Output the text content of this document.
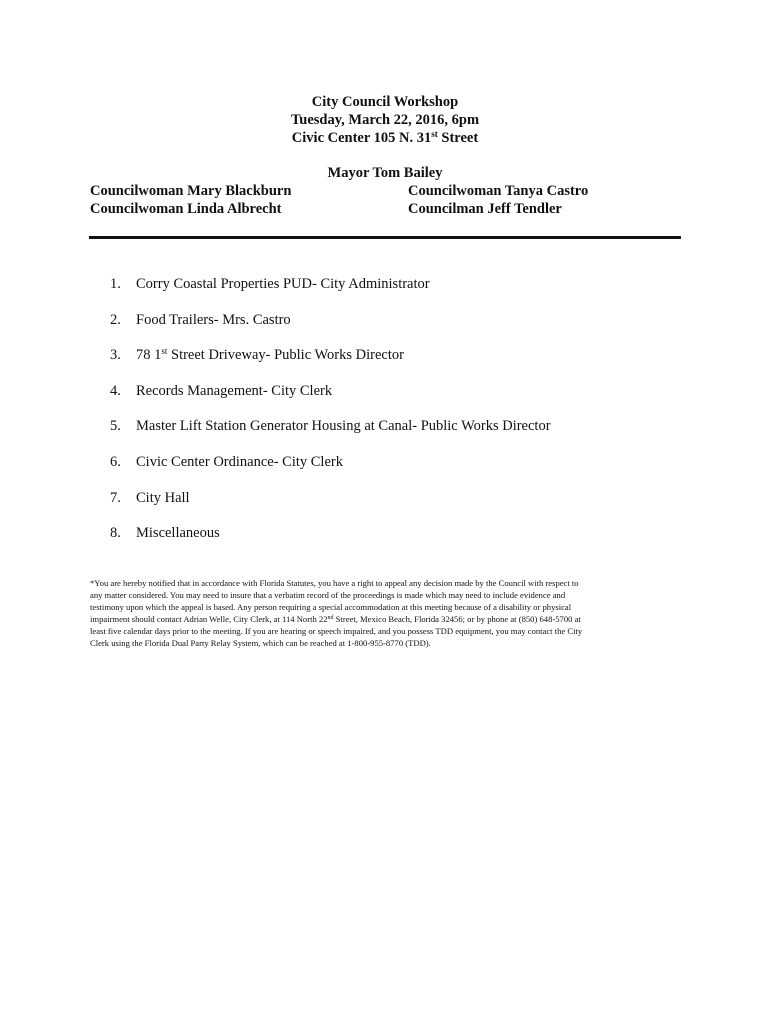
City Council Workshop
Tuesday, March 22, 2016, 6pm
Civic Center 105 N. 31st Street
Mayor Tom Bailey
Councilwoman Mary Blackburn
Councilwoman Linda Albrecht
Councilwoman Tanya Castro
Councilman Jeff Tendler
1. Corry Coastal Properties PUD- City Administrator
2. Food Trailers- Mrs. Castro
3. 78 1st Street Driveway- Public Works Director
4. Records Management- City Clerk
5. Master Lift Station Generator Housing at Canal- Public Works Director
6. Civic Center Ordinance- City Clerk
7. City Hall
8. Miscellaneous
*You are hereby notified that in accordance with Florida Statutes, you have a right to appeal any decision made by the Council with respect to
any matter considered. You may need to insure that a verbatim record of the proceedings is made which may need to include evidence and
testimony upon which the appeal is based. Any person requiring a special accommodation at this meeting because of a disability or physical
impairment should contact Adrian Welle, City Clerk, at 114 North 22nd Street, Mexico Beach, Florida 32456; or by phone at (850) 648-5700 at
least five calendar days prior to the meeting. If you are hearing or speech impaired, and you possess TDD equipment, you may contact the City
Clerk using the Florida Dual Party Relay System, which can be reached at 1-800-955-8770 (TDD).
